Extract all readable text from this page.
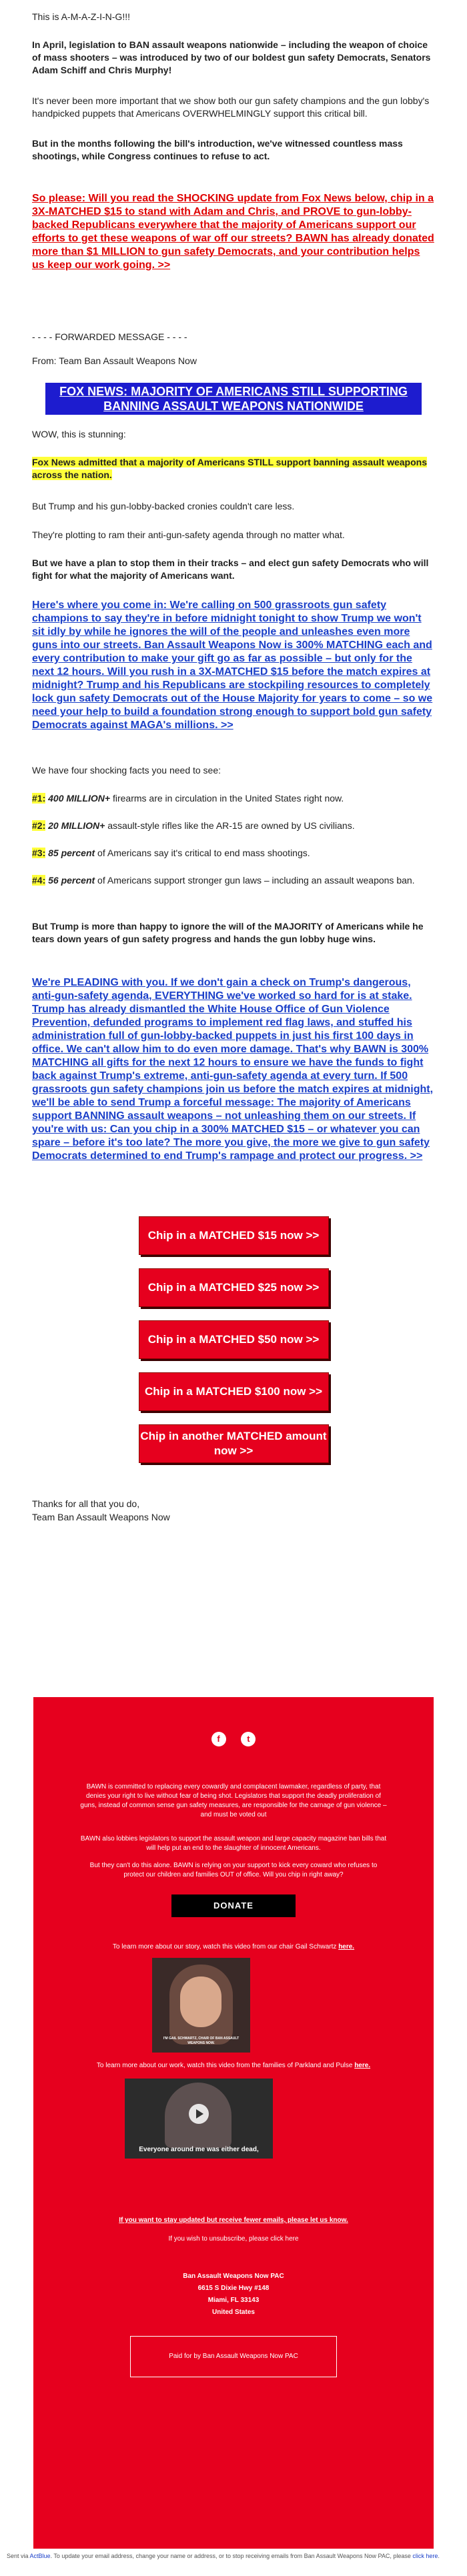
This is A-M-A-Z-I-N-G!!!

In April, legislation to BAN assault weapons nationwide – including the weapon of choice of mass shooters – was introduced by two of our boldest gun safety Democrats, Senators Adam Schiff and Chris Murphy!

It's never been more important that we show both our gun safety champions and the gun lobby's handpicked puppets that Americans OVERWHELMINGLY support this critical bill.

But in the months following the bill's introduction, we've witnessed countless mass shootings, while Congress continues to refuse to act.

So please: Will you read the SHOCKING update from Fox News below, chip in a 3X-MATCHED $15 to stand with Adam and Chris, and PROVE to gun-lobby-backed Republicans everywhere that the majority of Americans support our efforts to get these weapons of war off our streets? BAWN has already donated more than $1 MILLION to gun safety Democrats, and your contribution helps us keep our work going. >>

- - - - FORWARDED MESSAGE - - - -

From: Team Ban Assault Weapons Now

FOX NEWS: MAJORITY OF AMERICANS STILL SUPPORTING BANNING ASSAULT WEAPONS NATIONWIDE

WOW, this is stunning:

Fox News admitted that a majority of Americans STILL support banning assault weapons across the nation.

But Trump and his gun-lobby-backed cronies couldn't care less.

They're plotting to ram their anti-gun-safety agenda through no matter what.

But we have a plan to stop them in their tracks – and elect gun safety Democrats who will fight for what the majority of Americans want.

Here's where you come in: We're calling on 500 grassroots gun safety champions to say they're in before midnight tonight to show Trump we won't sit idly by while he ignores the will of the people and unleashes even more guns into our streets. Ban Assault Weapons Now is 300% MATCHING each and every contribution to make your gift go as far as possible – but only for the next 12 hours. Will you rush in a 3X-MATCHED $15 before the match expires at midnight? Trump and his Republicans are stockpiling resources to completely lock gun safety Democrats out of the House Majority for years to come – so we need your help to build a foundation strong enough to support bold gun safety Democrats against MAGA's millions. >>

We have four shocking facts you need to see:

#1: 400 MILLION+ firearms are in circulation in the United States right now.

#2: 20 MILLION+ assault-style rifles like the AR-15 are owned by US civilians.

#3: 85 percent of Americans say it's critical to end mass shootings.

#4: 56 percent of Americans support stronger gun laws – including an assault weapons ban.

But Trump is more than happy to ignore the will of the MAJORITY of Americans while he tears down years of gun safety progress and hands the gun lobby huge wins.

We're PLEADING with you. If we don't gain a check on Trump's dangerous, anti-gun-safety agenda, EVERYTHING we've worked so hard for is at stake. Trump has already dismantled the White House Office of Gun Violence Prevention, defunded programs to implement red flag laws, and stuffed his administration full of gun-lobby-backed puppets in just his first 100 days in office. We can't allow him to do even more damage. That's why BAWN is 300% MATCHING all gifts for the next 12 hours to ensure we have the funds to fight back against Trump's extreme, anti-gun-safety agenda at every turn. If 500 grassroots gun safety champions join us before the match expires at midnight, we'll be able to send Trump a forceful message: The majority of Americans support BANNING assault weapons – not unleashing them on our streets. If you're with us: Can you chip in a 300% MATCHED $15 – or whatever you can spare – before it's too late? The more you give, the more we give to gun safety Democrats determined to end Trump's rampage and protect our progress. >>
Chip in a MATCHED $15 now >>
Chip in a MATCHED $25 now >>
Chip in a MATCHED $50 now >>
Chip in a MATCHED $100 now >>
Chip in another MATCHED amount now >>

Thanks for all that you do,

Team Ban Assault Weapons Now

f	t

BAWN is committed to replacing every cowardly and complacent lawmaker, regardless of party, that denies your right to live without fear of being shot. Legislators that support the deadly proliferation of guns, instead of common sense gun safety measures, are responsible for the carnage of gun violence – and must be voted out

BAWN also lobbies legislators to support the assault weapon and large capacity magazine ban bills that will help put an end to the slaughter of innocent Americans.

But they can't do this alone. BAWN is relying on your support to kick every coward who refuses to protect our children and families OUT of office. Will you chip in right away?

DONATE

To learn more about our story, watch this video from our chair Gail Schwartz here.

I'M GAIL SCHWARTZ, CHAIR OF BAN ASSAULT WEAPONS NOW.

To learn more about our work, watch this video from the families of Parkland and Pulse here.

Everyone around me was either dead,

If you want to stay updated but receive fewer emails, please let us know.

If you wish to unsubscribe, please click here

Ban Assault Weapons Now PAC

6615 S Dixie Hwy #148

Miami, FL 33143

United States

Paid for by Ban Assault Weapons Now PAC

Sent via ActBlue. To update your email address, change your name or address, or to stop receiving emails from Ban Assault Weapons Now PAC, please click here.
